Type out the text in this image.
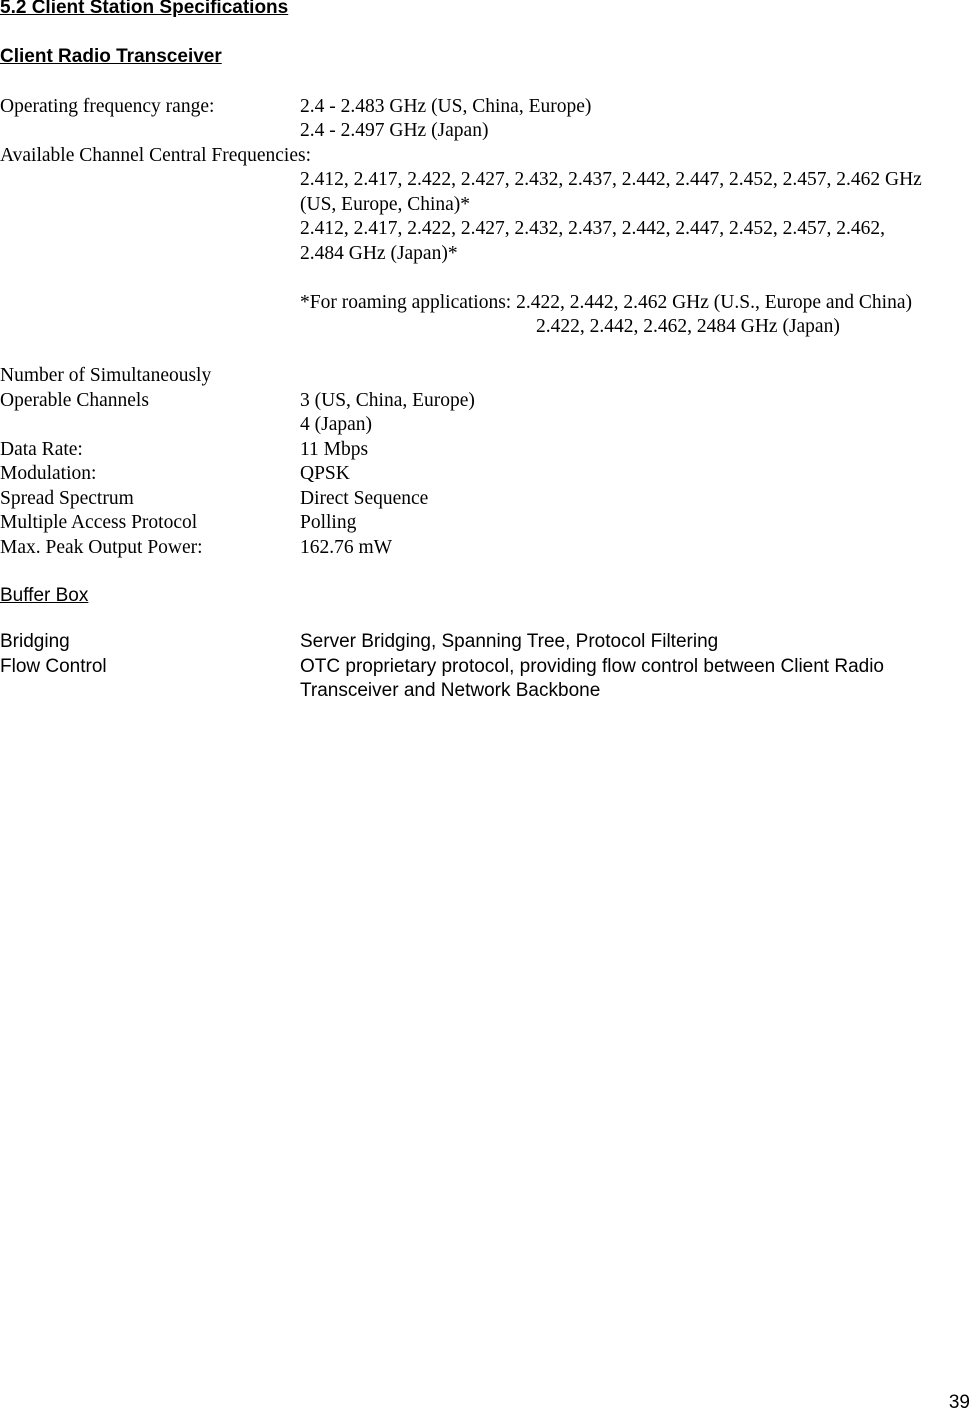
5.2 Client Station Specifications
Client Radio Transceiver
Operating frequency range:	2.4 - 2.483 GHz (US, China, Europe)
2.4 - 2.497 GHz (Japan)
Available Channel Central Frequencies:
2.412, 2.417, 2.422, 2.427, 2.432, 2.437, 2.442, 2.447, 2.452, 2.457, 2.462 GHz
(US, Europe, China)*
2.412, 2.417, 2.422, 2.427, 2.432, 2.437, 2.442, 2.447, 2.452, 2.457, 2.462,
2.484 GHz (Japan)*
*For roaming applications: 2.422, 2.442, 2.462 GHz (U.S., Europe and China)
2.422, 2.442, 2.462, 2484 GHz (Japan)
Number of Simultaneously
Operable Channels	3 (US, China, Europe)
4 (Japan)
Data Rate:	11 Mbps
Modulation:	QPSK
Spread Spectrum	Direct Sequence
Multiple Access Protocol	Polling
Max. Peak Output Power:	162.76 mW
Buffer Box
Bridging	Server Bridging, Spanning Tree, Protocol Filtering
Flow Control	OTC proprietary protocol, providing flow control between Client Radio
Transceiver and Network Backbone
39
